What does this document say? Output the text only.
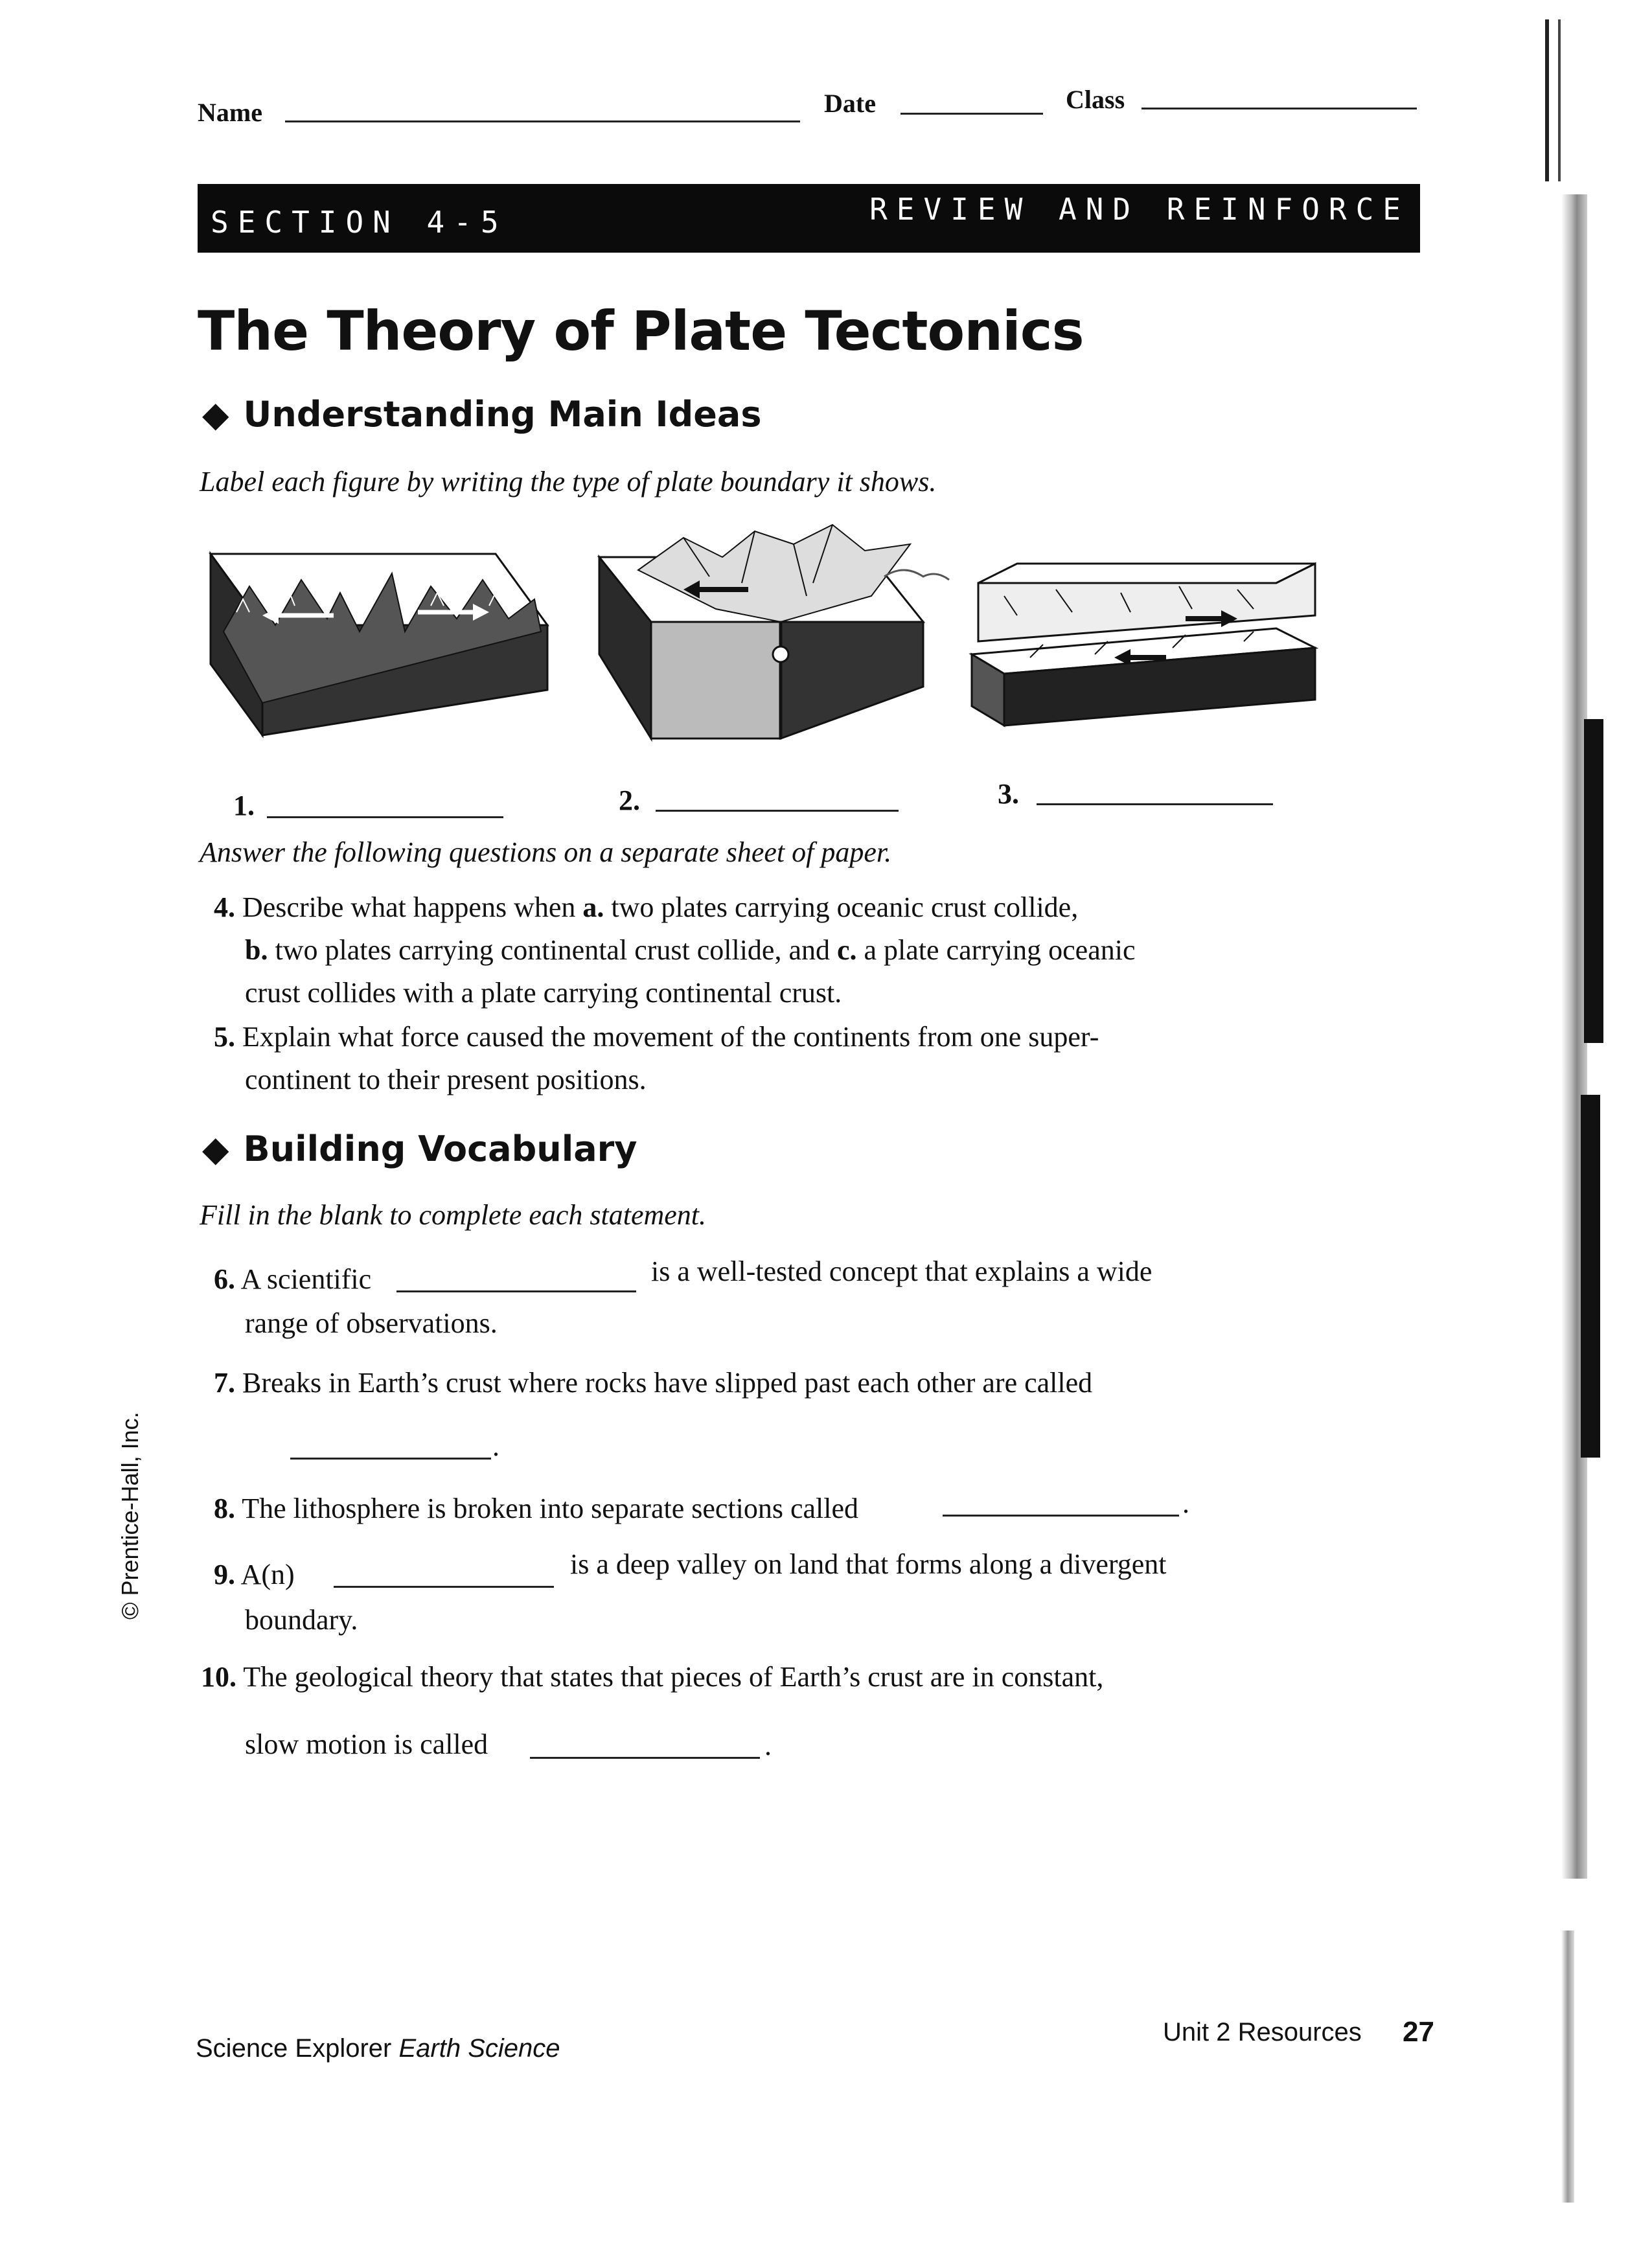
Name	Date	Class
SECTION 4-5	REVIEW AND REINFORCE
The Theory of Plate Tectonics
◆ Understanding Main Ideas
Label each figure by writing the type of plate boundary it shows.
1.	2.	3.
Answer the following questions on a separate sheet of paper.
4. Describe what happens when a. two plates carrying oceanic crust collide,
b. two plates carrying continental crust collide, and c. a plate carrying oceanic
crust collides with a plate carrying continental crust.
5. Explain what force caused the movement of the continents from one super-
continent to their present positions.
◆ Building Vocabulary
Fill in the blank to complete each statement.
6. A scientific	is a well-tested concept that explains a wide
range of observations.
7. Breaks in Earth’s crust where rocks have slipped past each other are called
.
8. The lithosphere is broken into separate sections called	.
9. A(n)	is a deep valley on land that forms along a divergent
boundary.
10. The geological theory that states that pieces of Earth’s crust are in constant,
slow motion is called	.
© Prentice-Hall, Inc.
Science Explorer Earth Science
Unit 2 Resources 27
